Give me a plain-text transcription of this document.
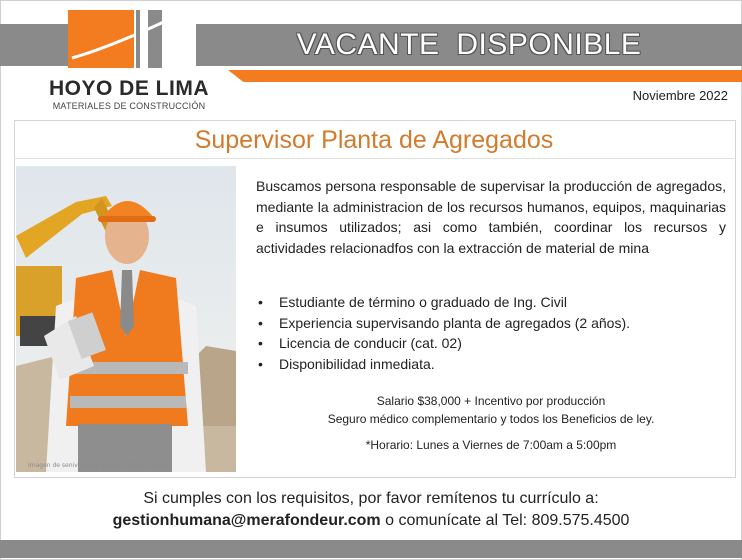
HOYO DE LIMA
MATERIALES DE CONSTRUCCIÓN
VACANTE DISPONIBLE
Noviembre 2022
Supervisor Planta de Agregados
Imagen de senivpetro y master1305 en Freepik
Buscamos persona responsable de supervisar la producción de agregados, mediante la administracion de los recursos humanos, equipos, maquinarias e insumos utilizados; asi como también, coordinar los recursos y actividades relacionadfos con la extracción de material de mina
• Estudiante de término o graduado de Ing. Civil
• Experiencia supervisando planta de agregados (2 años).
• Licencia de conducir (cat. 02)
• Disponibilidad inmediata.
Salario $38,000 + Incentivo por producción
Seguro médico complementario y todos los Beneficios de ley.
*Horario: Lunes a Viernes de 7:00am a 5:00pm
Si cumples con los requisitos, por favor remítenos tu currículo a:
gestionhumana@merafondeur.com o comunícate al Tel: 809.575.4500
